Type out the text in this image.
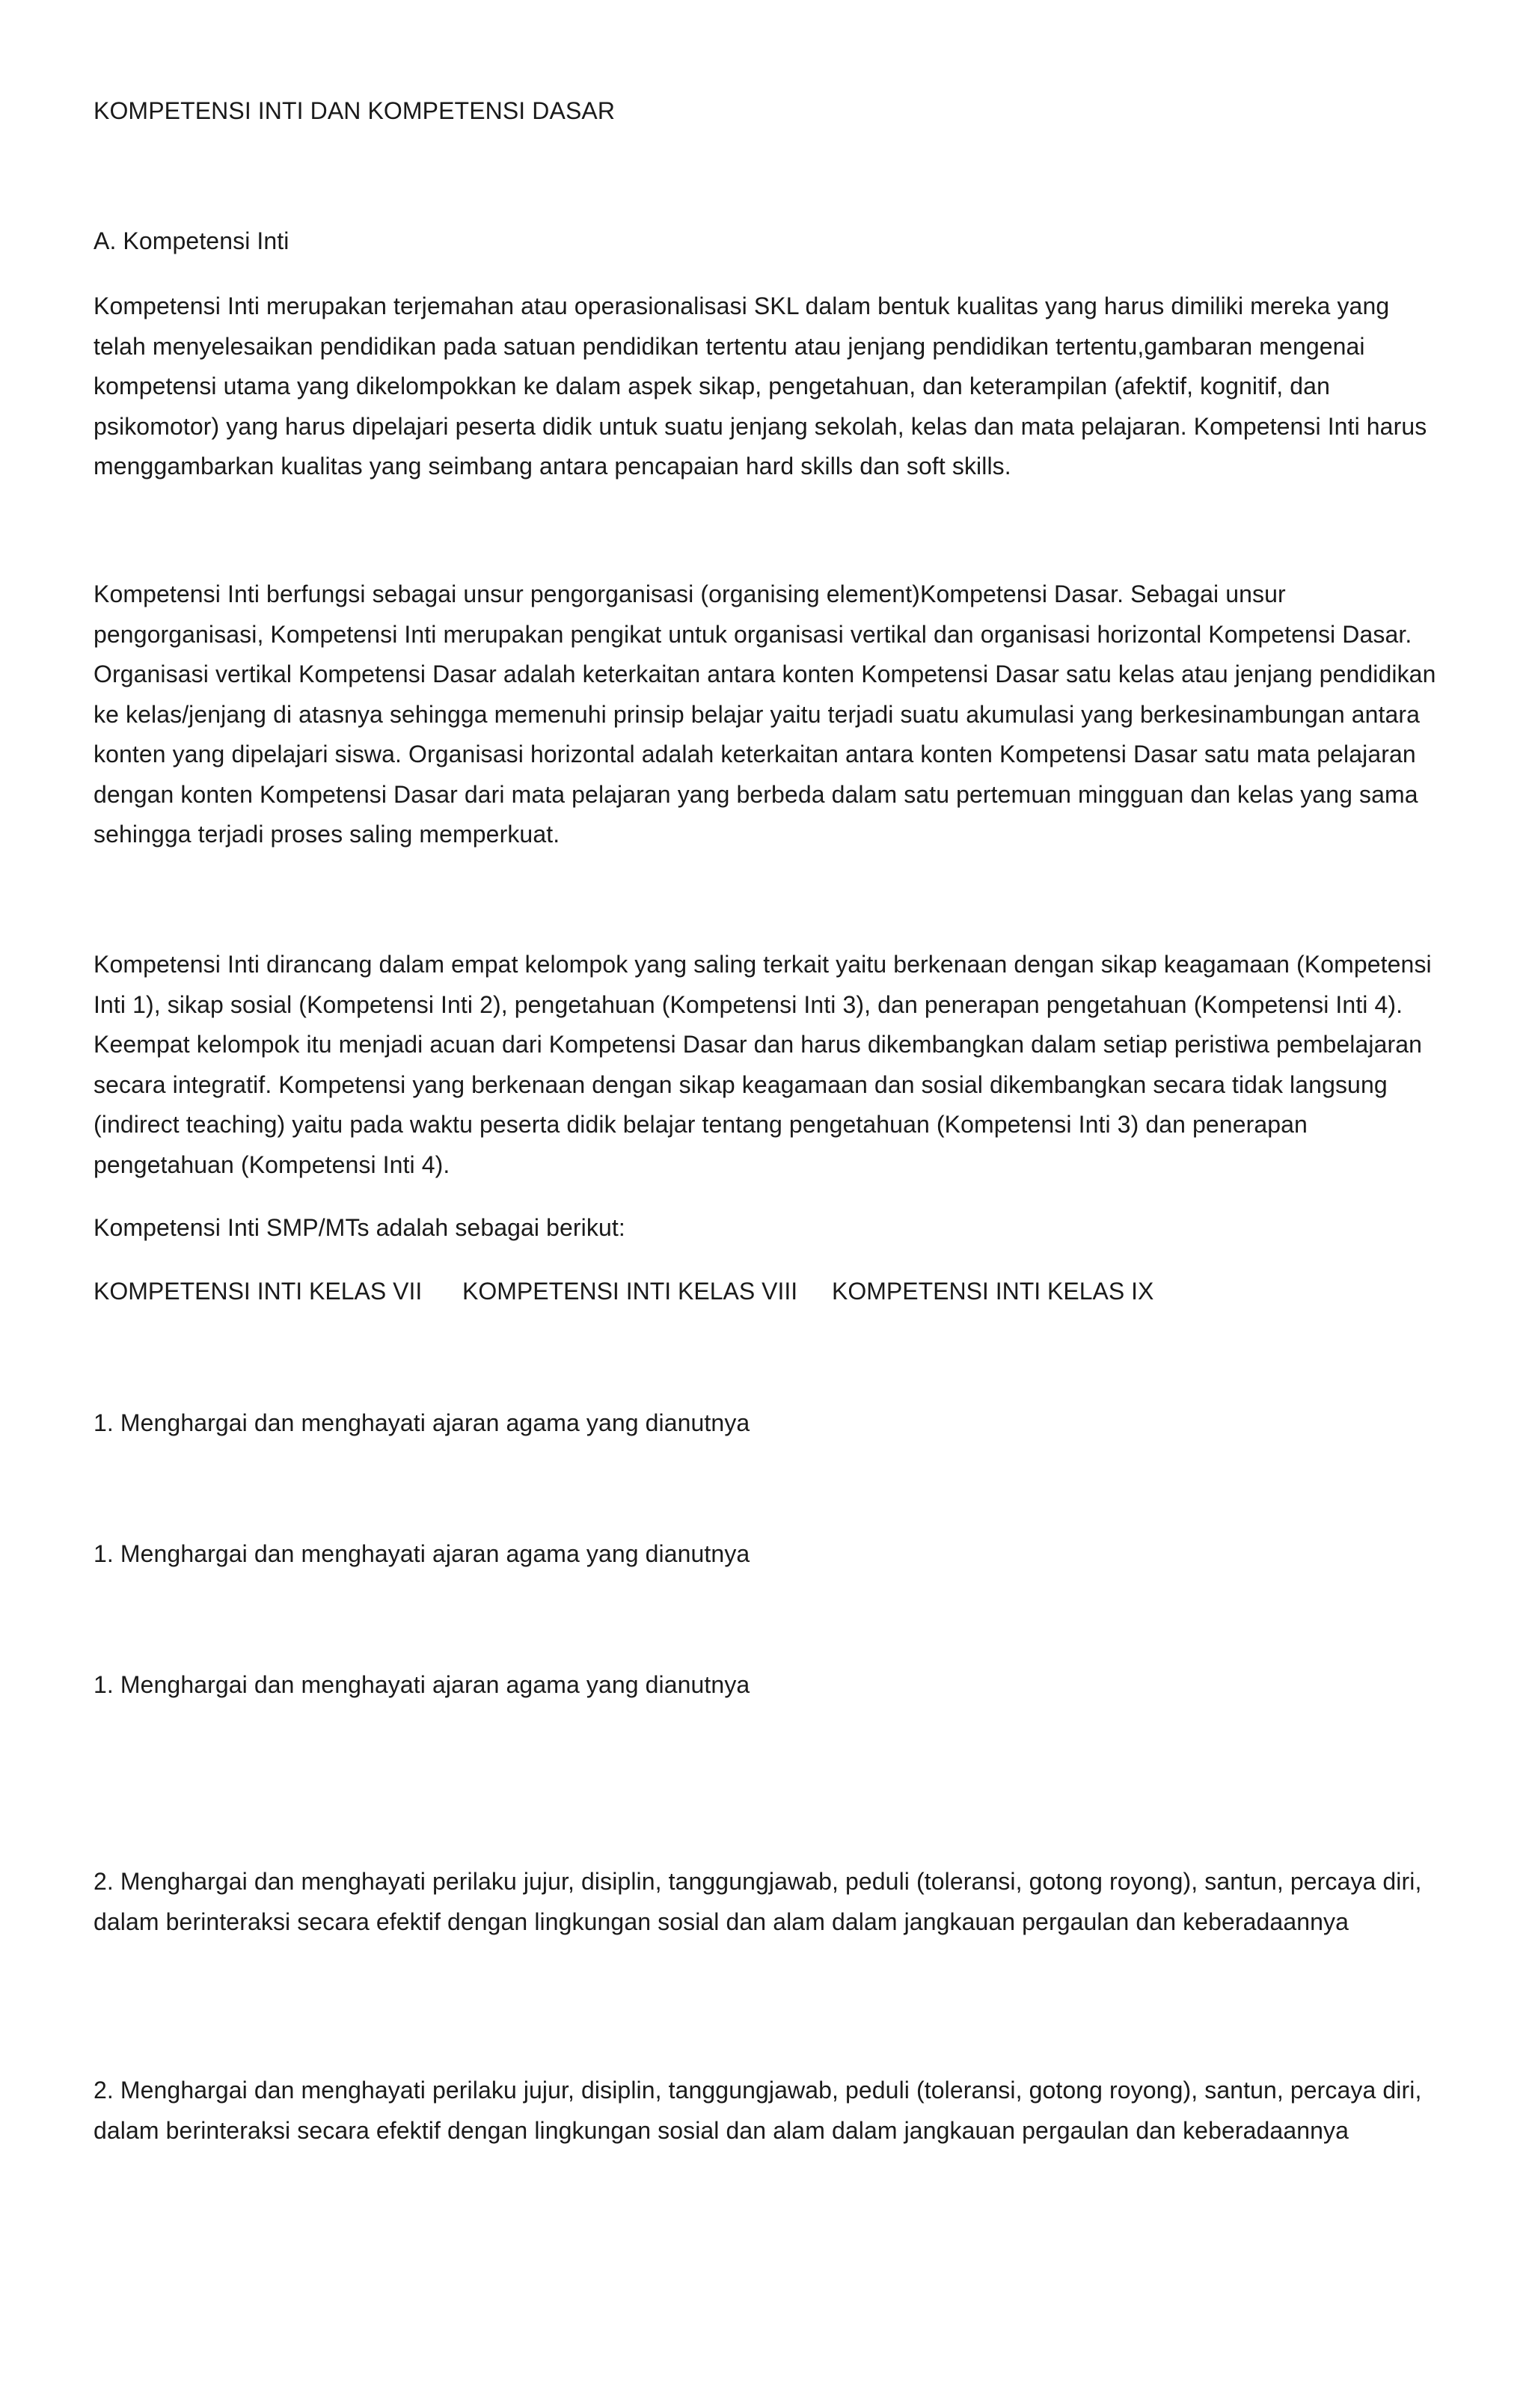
KOMPETENSI INTI DAN KOMPETENSI DASAR

A. Kompetensi Inti

Kompetensi Inti merupakan terjemahan atau operasionalisasi SKL dalam bentuk kualitas yang harus dimiliki mereka yang telah menyelesaikan pendidikan pada satuan pendidikan tertentu atau jenjang pendidikan tertentu,gambaran mengenai kompetensi utama yang dikelompokkan ke dalam aspek sikap, pengetahuan, dan keterampilan (afektif, kognitif, dan psikomotor) yang harus dipelajari peserta didik untuk suatu jenjang sekolah, kelas dan mata pelajaran. Kompetensi Inti harus menggambarkan kualitas yang seimbang antara pencapaian hard skills dan soft skills.

Kompetensi Inti berfungsi sebagai unsur pengorganisasi (organising element)Kompetensi Dasar. Sebagai unsur pengorganisasi, Kompetensi Inti merupakan pengikat untuk organisasi vertikal dan organisasi horizontal Kompetensi Dasar. Organisasi vertikal Kompetensi Dasar adalah keterkaitan antara konten Kompetensi Dasar satu kelas atau jenjang pendidikan ke kelas/jenjang di atasnya sehingga memenuhi prinsip belajar yaitu terjadi suatu akumulasi yang berkesinambungan antara konten yang dipelajari siswa. Organisasi horizontal adalah keterkaitan antara konten Kompetensi Dasar satu mata pelajaran dengan konten Kompetensi Dasar dari mata pelajaran yang berbeda dalam satu pertemuan mingguan dan kelas yang sama sehingga terjadi proses saling memperkuat.

Kompetensi Inti dirancang dalam empat kelompok yang saling terkait yaitu berkenaan dengan sikap keagamaan (Kompetensi Inti 1), sikap sosial (Kompetensi Inti 2), pengetahuan (Kompetensi Inti 3), dan penerapan pengetahuan (Kompetensi Inti 4). Keempat kelompok itu menjadi acuan dari Kompetensi Dasar dan harus dikembangkan dalam setiap peristiwa pembelajaran secara integratif. Kompetensi yang berkenaan dengan sikap keagamaan dan sosial dikembangkan secara tidak langsung (indirect teaching) yaitu pada waktu peserta didik belajar tentang pengetahuan (Kompetensi Inti 3) dan penerapan pengetahuan (Kompetensi Inti 4).

Kompetensi Inti SMP/MTs adalah sebagai berikut:

KOMPETENSI INTI KELAS VII KOMPETENSI INTI KELAS VIII KOMPETENSI INTI KELAS IX

1. Menghargai dan menghayati ajaran agama yang dianutnya

1. Menghargai dan menghayati ajaran agama yang dianutnya

1. Menghargai dan menghayati ajaran agama yang dianutnya

2. Menghargai dan menghayati perilaku jujur, disiplin, tanggungjawab, peduli (toleransi, gotong royong), santun, percaya diri, dalam berinteraksi secara efektif dengan lingkungan sosial dan alam dalam jangkauan pergaulan dan keberadaannya

2. Menghargai dan menghayati perilaku jujur, disiplin, tanggungjawab, peduli (toleransi, gotong royong), santun, percaya diri, dalam berinteraksi secara efektif dengan lingkungan sosial dan alam dalam jangkauan pergaulan dan keberadaannya
